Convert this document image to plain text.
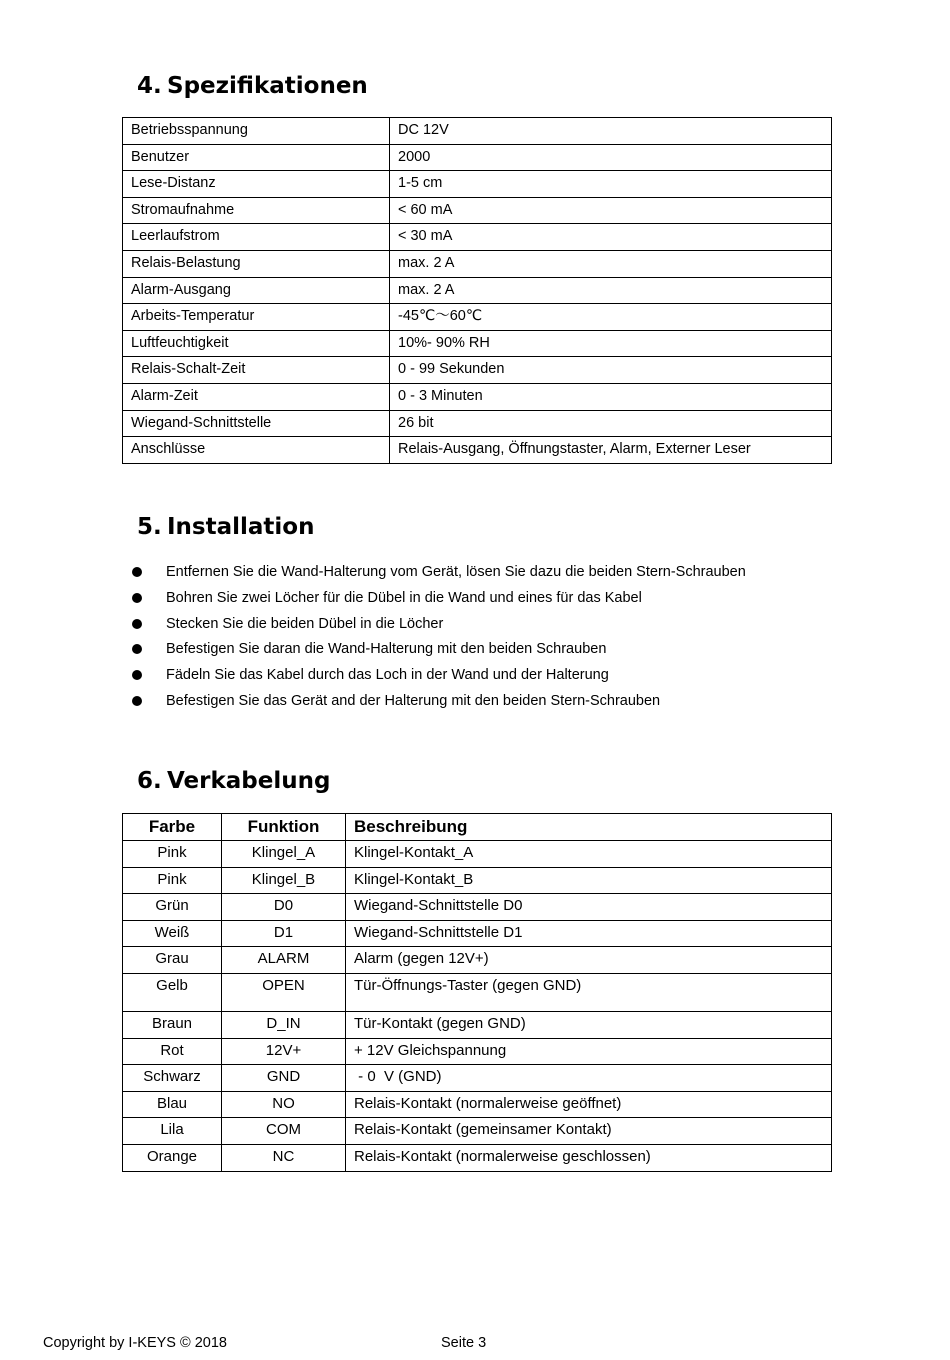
4. Spezifikationen
Betriebsspannung	DC 12V
Benutzer	2000
Lese-Distanz	1-5 cm
Stromaufnahme	< 60 mA
Leerlaufstrom	< 30 mA
Relais-Belastung	max. 2 A
Alarm-Ausgang	max. 2 A
Arbeits-Temperatur	-45℃～60℃
Luftfeuchtigkeit	10%- 90% RH
Relais-Schalt-Zeit	0 - 99 Sekunden
Alarm-Zeit	0 - 3 Minuten
Wiegand-Schnittstelle	26 bit
Anschlüsse	Relais-Ausgang, Öffnungstaster, Alarm, Externer Leser
5. Installation
Entfernen Sie die Wand-Halterung vom Gerät, lösen Sie dazu die beiden Stern-Schrauben
Bohren Sie zwei Löcher für die Dübel in die Wand und eines für das Kabel
Stecken Sie die beiden Dübel in die Löcher
Befestigen Sie daran die Wand-Halterung mit den beiden Schrauben
Fädeln Sie das Kabel durch das Loch in der Wand und der Halterung
Befestigen Sie das Gerät and der Halterung mit den beiden Stern-Schrauben
6. Verkabelung
Farbe	Funktion	Beschreibung
Pink	Klingel_A	Klingel-Kontakt_A
Pink	Klingel_B	Klingel-Kontakt_B
Grün	D0	Wiegand-Schnittstelle D0
Weiß	D1	Wiegand-Schnittstelle D1
Grau	ALARM	Alarm (gegen 12V+)
Gelb	OPEN	Tür-Öffnungs-Taster (gegen GND)
Braun	D_IN	Tür-Kontakt (gegen GND)
Rot	12V+	+ 12V Gleichspannung
Schwarz	GND	- 0  V (GND)
Blau	NO	Relais-Kontakt (normalerweise geöffnet)
Lila	COM	Relais-Kontakt (gemeinsamer Kontakt)
Orange	NC	Relais-Kontakt (normalerweise geschlossen)
Copyright by I-KEYS © 2018	Seite 3
